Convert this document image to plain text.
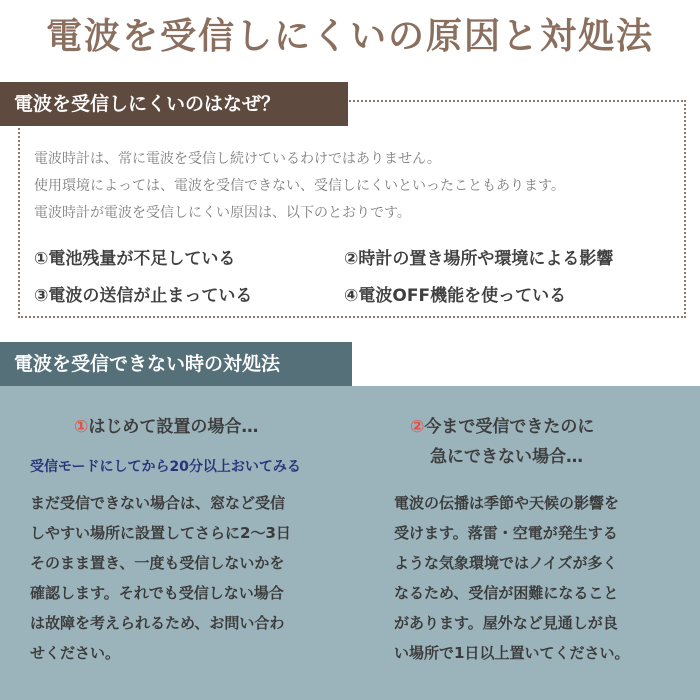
電波を受信しにくいの原因と対処法
電波を受信しにくいのはなぜ？
電波時計は、常に電波を受信し続けているわけではありません。
使用環境によっては、電波を受信できない、受信しにくいといったこともあります。
電波時計が電波を受信しにくい原因は、以下のとおりです。
①電池残量が不足している	②時計の置き場所や環境による影響
③電波の送信が止まっている	④電波OFF機能を使っている
電波を受信できない時の対処法
①はじめて設置の場合…	②今まで受信できたのに
急にできない場合…
受信モードにしてから20分以上おいてみる
まだ受信できない場合は、窓など受信
しやすい場所に設置してさらに2〜3日
そのまま置き、一度も受信しないかを
確認します。それでも受信しない場合
は故障を考えられるため、お問い合わ
せください。
電波の伝播は季節や天候の影響を
受けます。落雷・空電が発生する
ような気象環境ではノイズが多く
なるため、受信が困難になること
があります。屋外など見通しが良
い場所で1日以上置いてください。
